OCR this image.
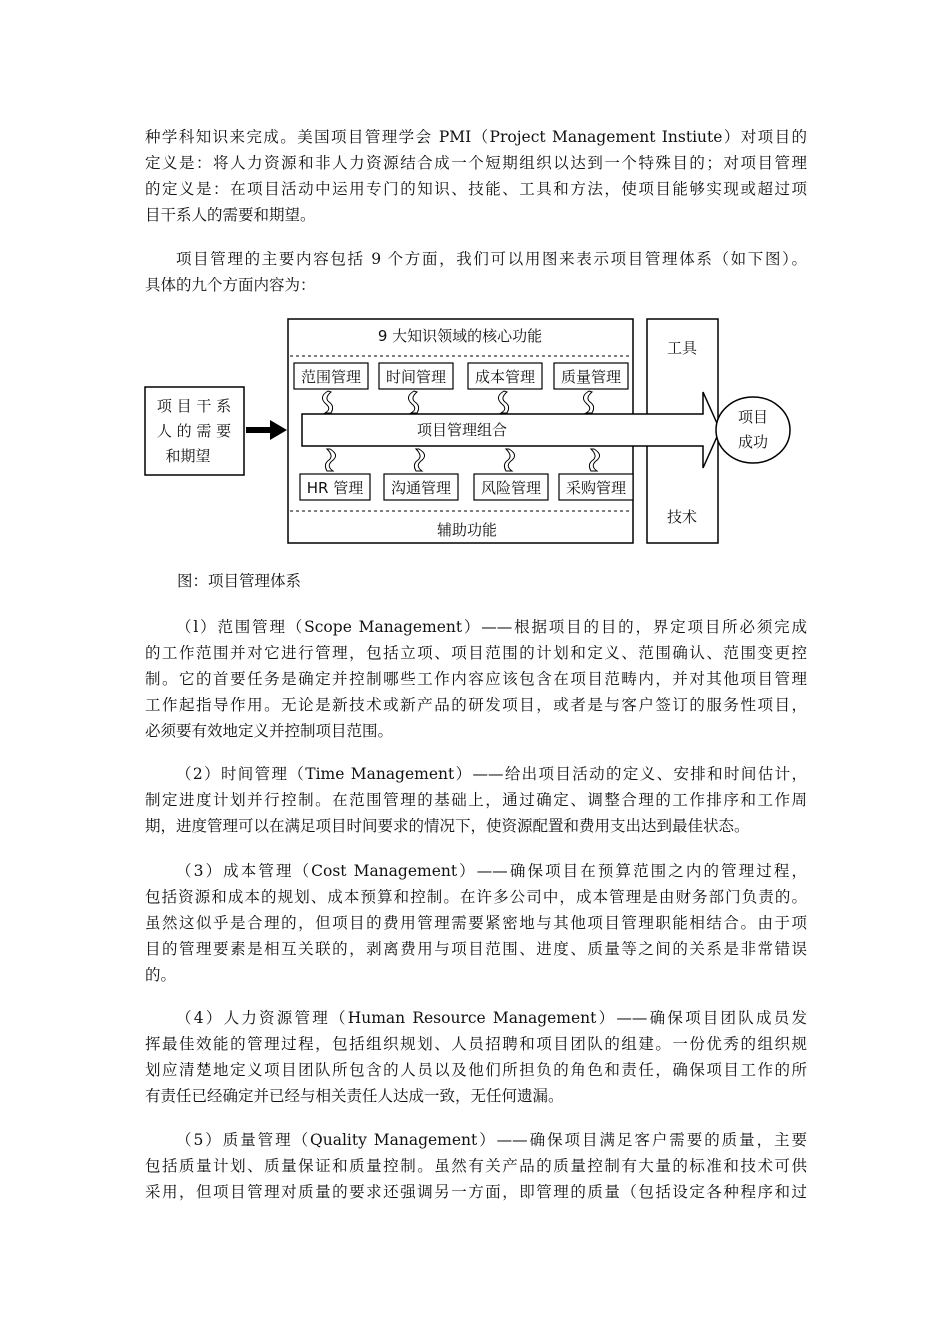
种学科知识来完成。美国项目管理学会 PMI（Project Management Instiute）对项目的
定义是：将人力资源和非人力资源结合成一个短期组织以达到一个特殊目的；对项目管理
的定义是：在项目活动中运用专门的知识、技能、工具和方法，使项目能够实现或超过项
目干系人的需要和期望。
项目管理的主要内容包括 9 个方面，我们可以用图来表示项目管理体系（如下图）。
具体的九个方面内容为：
项 目 干 系
人 的 需 要
和期望
9 大知识领域的核心功能
辅助功能
工具
技术
项目管理组合
项目
成功
范围管理 时间管理 成本管理 质量管理
HR 管理 沟通管理 风险管理 采购管理

图：项目管理体系

（l）范围管理（Scope Management）——根据项目的目的，界定项目所必须完成
的工作范围并对它进行管理，包括立项、项目范围的计划和定义、范围确认、范围变更控
制。它的首要任务是确定并控制哪些工作内容应该包含在项目范畴内，并对其他项目管理
工作起指导作用。无论是新技术或新产品的研发项目，或者是与客户签订的服务性项目，
必须要有效地定义并控制项目范围。
（2）时间管理（Time Management）——给出项目活动的定义、安排和时间估计，
制定进度计划并行控制。在范围管理的基础上，通过确定、调整合理的工作排序和工作周
期，进度管理可以在满足项目时间要求的情况下，使资源配置和费用支出达到最佳状态。
（3）成本管理（Cost Management）——确保项目在预算范围之内的管理过程，
包括资源和成本的规划、成本预算和控制。在许多公司中，成本管理是由财务部门负责的。
虽然这似乎是合理的，但项目的费用管理需要紧密地与其他项目管理职能相结合。由于项
目的管理要素是相互关联的，剥离费用与项目范围、进度、质量等之间的关系是非常错误
的。
（4）人力资源管理（Human Resource Management）——确保项目团队成员发
挥最佳效能的管理过程，包括组织规划、人员招聘和项目团队的组建。一份优秀的组织规
划应清楚地定义项目团队所包含的人员以及他们所担负的角色和责任，确保项目工作的所
有责任已经确定并已经与相关责任人达成一致，无任何遗漏。
（5）质量管理（Quality Management）——确保项目满足客户需要的质量，主要
包括质量计划、质量保证和质量控制。虽然有关产品的质量控制有大量的标准和技术可供
采用，但项目管理对质量的要求还强调另一方面，即管理的质量（包括设定各种程序和过
